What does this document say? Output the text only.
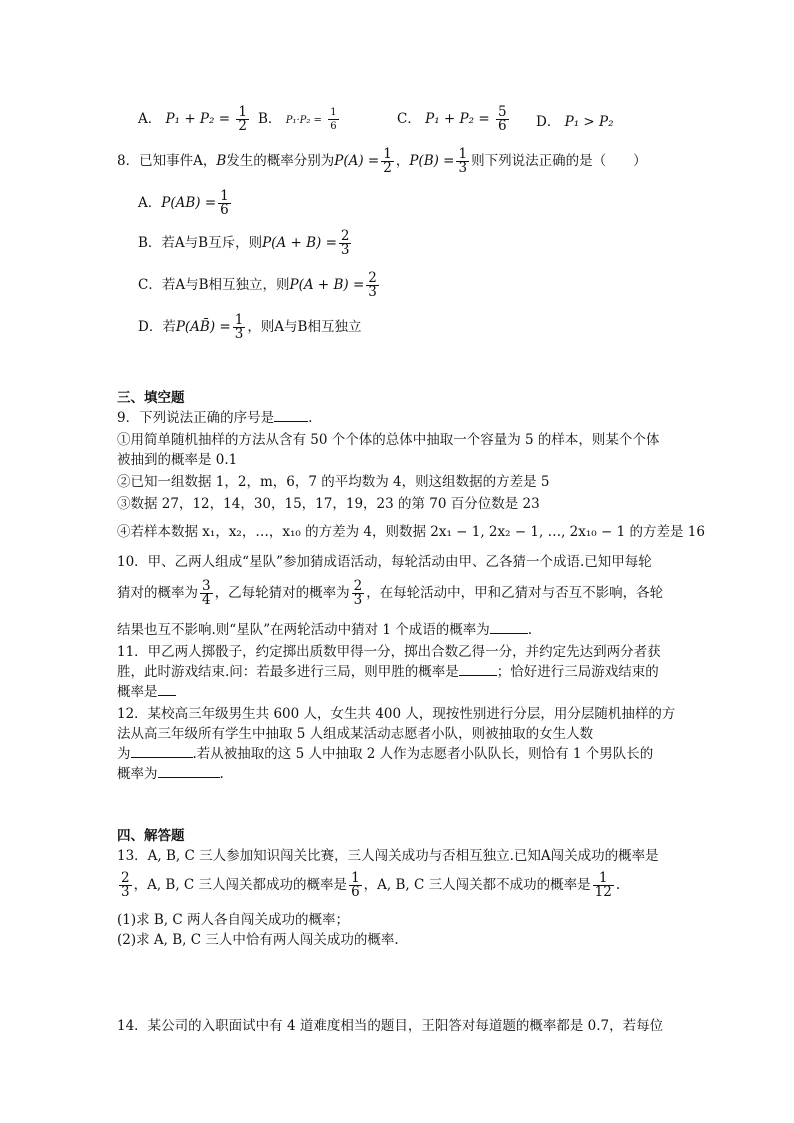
A． $P_1 + P_2 = \frac{1}{2}$ B． $P_1\cdot P_2 = \frac{1}{6}$	C． $P_1 + P_2 = \frac{5}{6}$ D． P₁ > P₂
8．已知事件A，B发生的概率分别为$P(A) = \frac{1}{2}$ ，$P(B) = \frac{1}{3}$ 则下列说法正确的是（　　）
A．$P(AB) = \frac{1}{6}$
B．若A与B互斥，则$P(A + B) = \frac{2}{3}$
C．若A与B相互独立，则$P(A + B) = \frac{2}{3}$
D．若P(AB̄) = $\frac{1}{3}$ ，则A与B相互独立
三、填空题
9．下列说法正确的序号是	.
①用简单随机抽样的方法从含有 50 个个体的总体中抽取一个容量为 5 的样本，则某个个体
被抽到的概率是 0.1
②已知一组数据 1，2，m，6，7 的平均数为 4，则这组数据的方差是 5
③数据 27，12，14，30，15，17，19，23 的第 70 百分位数是 23
④若样本数据 x₁，x₂，…，x₁₀ 的方差为 4，则数据 2x₁ − 1, 2x₂ − 1, …, 2x₁₀ − 1 的方差是 16
10．甲、乙两人组成“星队”参加猜成语活动，每轮活动由甲、乙各猜一个成语.已知甲每轮
猜对的概率为 $\frac{3}{4}$ ，乙每轮猜对的概率为 $\frac{2}{3}$ ，在每轮活动中，甲和乙猜对与否互不影响，各轮
结果也互不影响.则“星队”在两轮活动中猜对 1 个成语的概率为	.
11．甲乙两人掷骰子，约定掷出质数甲得一分，掷出合数乙得一分，并约定先达到两分者获
胜，此时游戏结束.问：若最多进行三局，则甲胜的概率是	；恰好进行三局游戏结束的
概率是
12．某校高三年级男生共 600 人，女生共 400 人，现按性别进行分层，用分层随机抽样的方
法从高三年级所有学生中抽取 5 人组成某活动志愿者小队，则被抽取的女生人数
为	.若从被抽取的这 5 人中抽取 2 人作为志愿者小队队长，则恰有 1 个男队长的
概率为	.
四、解答题
13．A, B, C 三人参加知识闯关比赛，三人闯关成功与否相互独立.已知A闯关成功的概率是
$\frac{2}{3}$ ，A, B, C 三人闯关都成功的概率是 $\frac{1}{6}$ ，A, B, C 三人闯关都不成功的概率是 $\frac{1}{12}$ .
(1)求 B, C 两人各自闯关成功的概率；
(2)求 A, B, C 三人中恰有两人闯关成功的概率.
14．某公司的入职面试中有 4 道难度相当的题目，王阳答对每道题的概率都是 0.7，若每位
